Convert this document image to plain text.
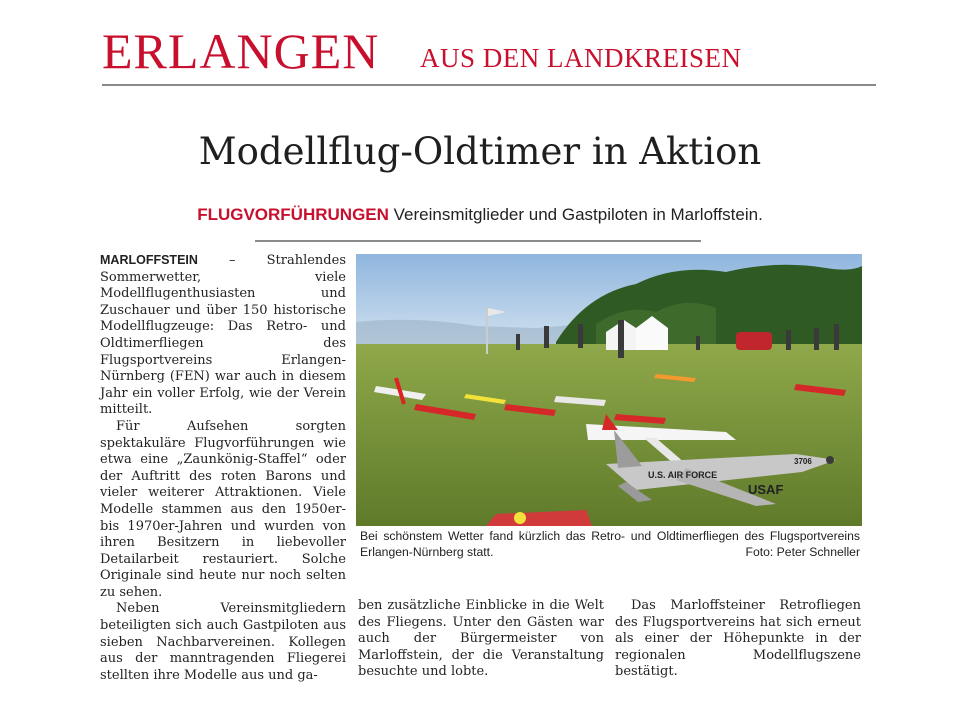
ERLANGEN AUS DEN LANDKREISEN
Modellflug-Oldtimer in Aktion
FLUGVORFÜHRUNGEN Vereinsmitglieder und Gastpiloten in Marloffstein.

MARLOFFSTEIN – Strahlendes Sommerwetter, viele Modellflugenthusiasten und Zuschauer und über 150 historische Modellflugzeuge: Das Retro- und Oldtimerfliegen des Flugsportvereins Erlangen-Nürnberg (FEN) war auch in diesem Jahr ein voller Erfolg, wie der Verein mitteilt.

Für Aufsehen sorgten spektakuläre Flugvorführungen wie etwa eine „Zaunkönig-Staffel“ oder der Auftritt des roten Barons und vieler weiterer Attraktionen. Viele Modelle stammen aus den 1950er- bis 1970er-Jahren und wurden von ihren Besitzern in liebevoller Detailarbeit restauriert. Solche Originale sind heute nur noch selten zu sehen.

Neben Vereinsmitgliedern beteiligten sich auch Gastpiloten aus sieben Nachbarvereinen. Kollegen aus der manntragenden Fliegerei stellten ihre Modelle aus und ga-

ben zusätzliche Einblicke in die Welt des Fliegens. Unter den Gästen war auch der Bürgermeister von Marloffstein, der die Veranstaltung besuchte und lobte.

Das Marloffsteiner Retrofliegen des Flugsportvereins hat sich erneut als einer der Höhepunkte in der regionalen Modellflugszene bestätigt.

U.S. AIR FORCE
USAF
3706
Bei schönstem Wetter fand kürzlich das Retro- und Oldtimerfliegen des Flugsportvereins Erlangen-Nürnberg statt.	Foto: Peter Schneller
